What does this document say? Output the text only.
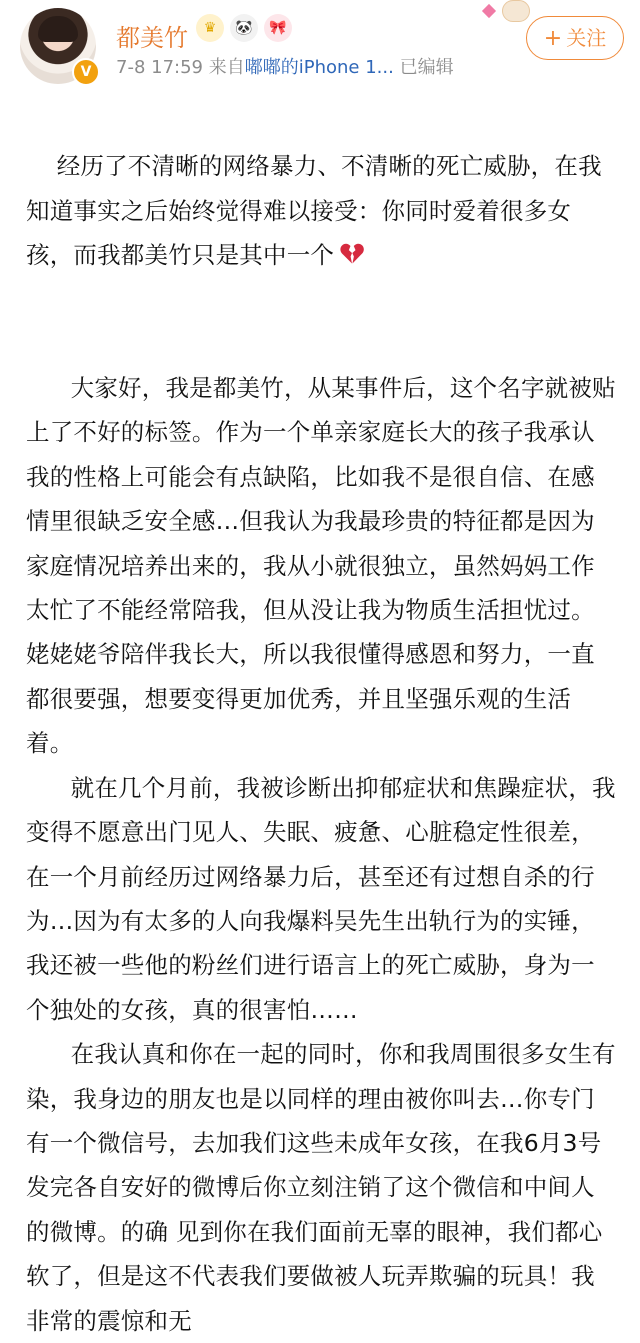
V
都美竹	♛	🐼	🎀
7-8 17:59 来自嘟嘟的iPhone 1... 已编辑
+ 关注

经历了不清晰的网络暴力、不清晰的死亡威胁，在我知道事实之后始终觉得难以接受：你同时爱着很多女孩，而我都美竹只是其中一个

大家好，我是都美竹，从某事件后，这个名字就被贴上了不好的标签。作为一个单亲家庭长大的孩子我承认我的性格上可能会有点缺陷，比如我不是很自信、在感情里很缺乏安全感…但我认为我最珍贵的特征都是因为家庭情况培养出来的，我从小就很独立，虽然妈妈工作太忙了不能经常陪我，但从没让我为物质生活担忧过。姥姥姥爷陪伴我长大，所以我很懂得感恩和努力，一直都很要强，想要变得更加优秀，并且坚强乐观的生活着。

就在几个月前，我被诊断出抑郁症状和焦躁症状，我变得不愿意出门见人、失眠、疲惫、心脏稳定性很差，在一个月前经历过网络暴力后，甚至还有过想自杀的行为…因为有太多的人向我爆料吴先生出轨行为的实锤，我还被一些他的粉丝们进行语言上的死亡威胁，身为一个独处的女孩，真的很害怕……

在我认真和你在一起的同时，你和我周围很多女生有染，我身边的朋友也是以同样的理由被你叫去…你专门有一个微信号，去加我们这些未成年女孩，在我6月3号发完各自安好的微博后你立刻注销了这个微信和中间人的微博。的确 见到你在我们面前无辜的眼神，我们都心软了，但是这不代表我们要做被人玩弄欺骗的玩具！我非常的震惊和无
